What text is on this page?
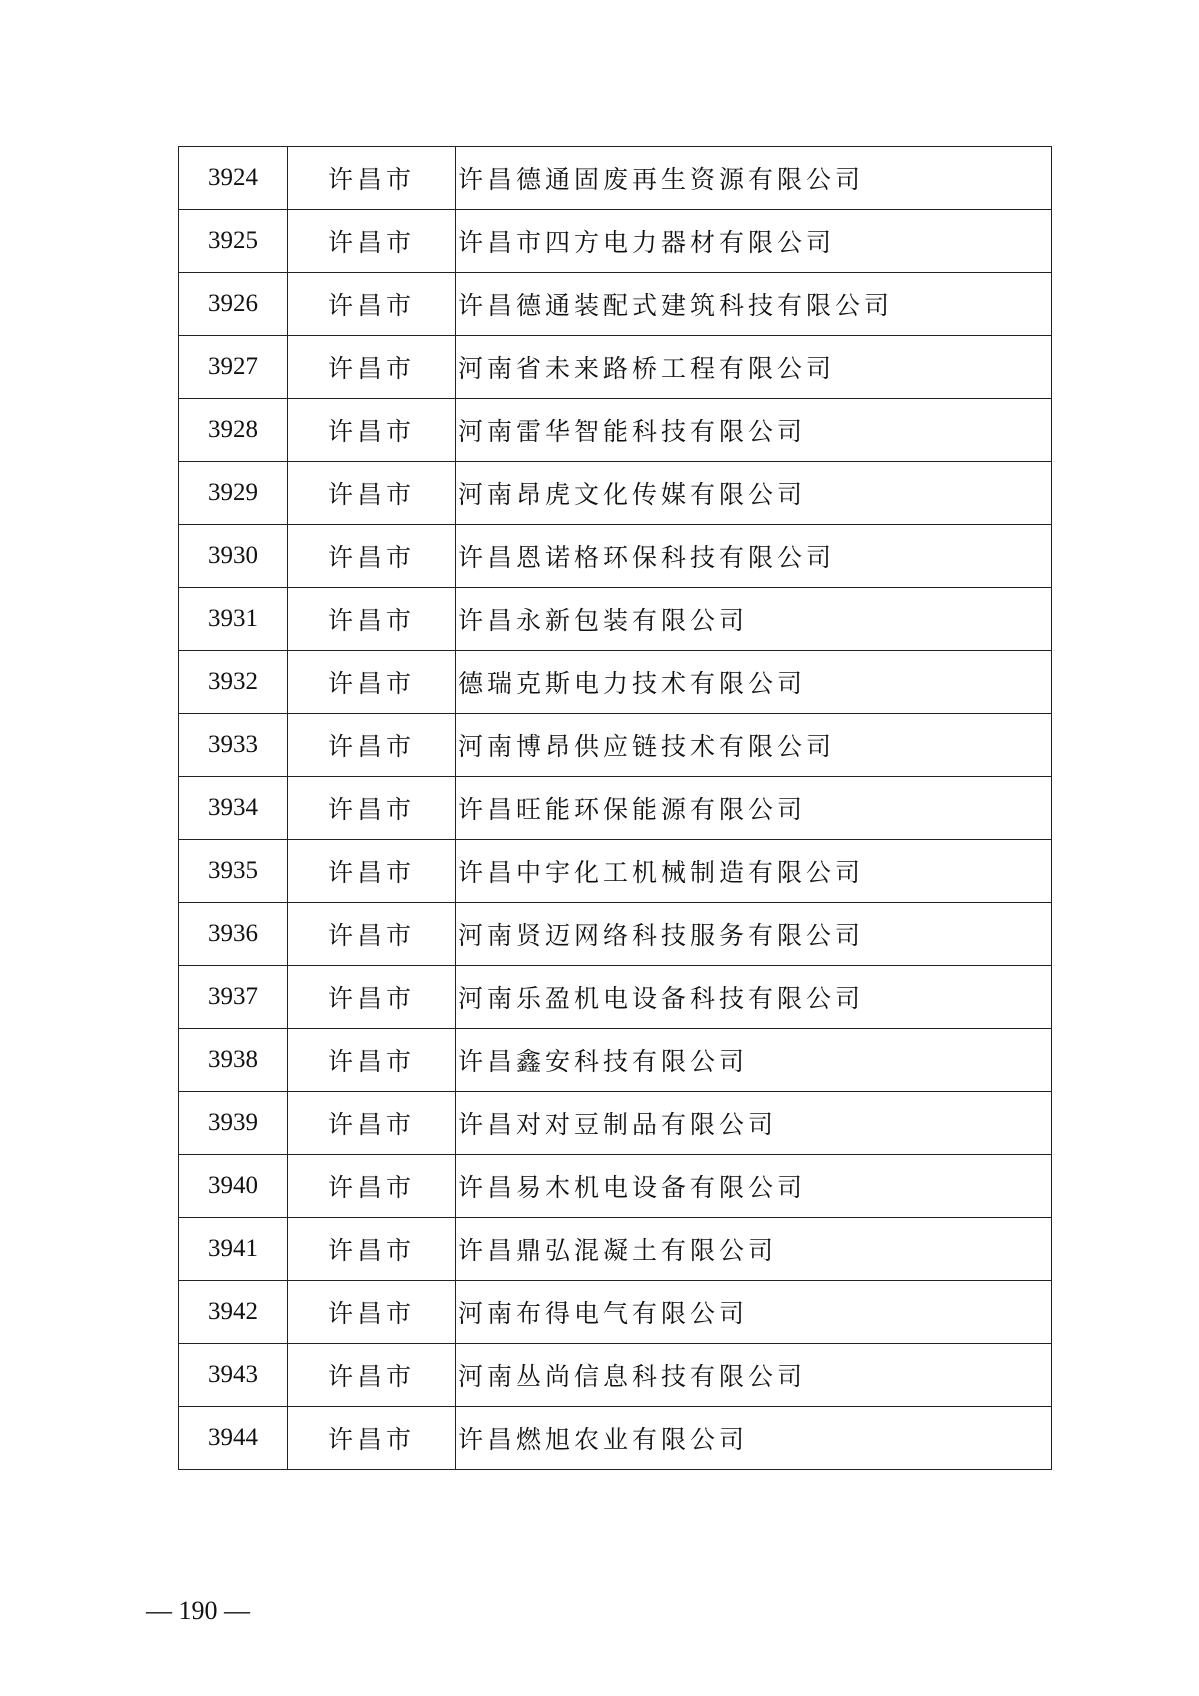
3924	许昌市	许昌德通固废再生资源有限公司
3925	许昌市	许昌市四方电力器材有限公司
3926	许昌市	许昌德通装配式建筑科技有限公司
3927	许昌市	河南省未来路桥工程有限公司
3928	许昌市	河南雷华智能科技有限公司
3929	许昌市	河南昂虎文化传媒有限公司
3930	许昌市	许昌恩诺格环保科技有限公司
3931	许昌市	许昌永新包装有限公司
3932	许昌市	德瑞克斯电力技术有限公司
3933	许昌市	河南博昂供应链技术有限公司
3934	许昌市	许昌旺能环保能源有限公司
3935	许昌市	许昌中宇化工机械制造有限公司
3936	许昌市	河南贤迈网络科技服务有限公司
3937	许昌市	河南乐盈机电设备科技有限公司
3938	许昌市	许昌鑫安科技有限公司
3939	许昌市	许昌对对豆制品有限公司
3940	许昌市	许昌易木机电设备有限公司
3941	许昌市	许昌鼎弘混凝土有限公司
3942	许昌市	河南布得电气有限公司
3943	许昌市	河南丛尚信息科技有限公司
3944	许昌市	许昌燃旭农业有限公司
— 190 —
